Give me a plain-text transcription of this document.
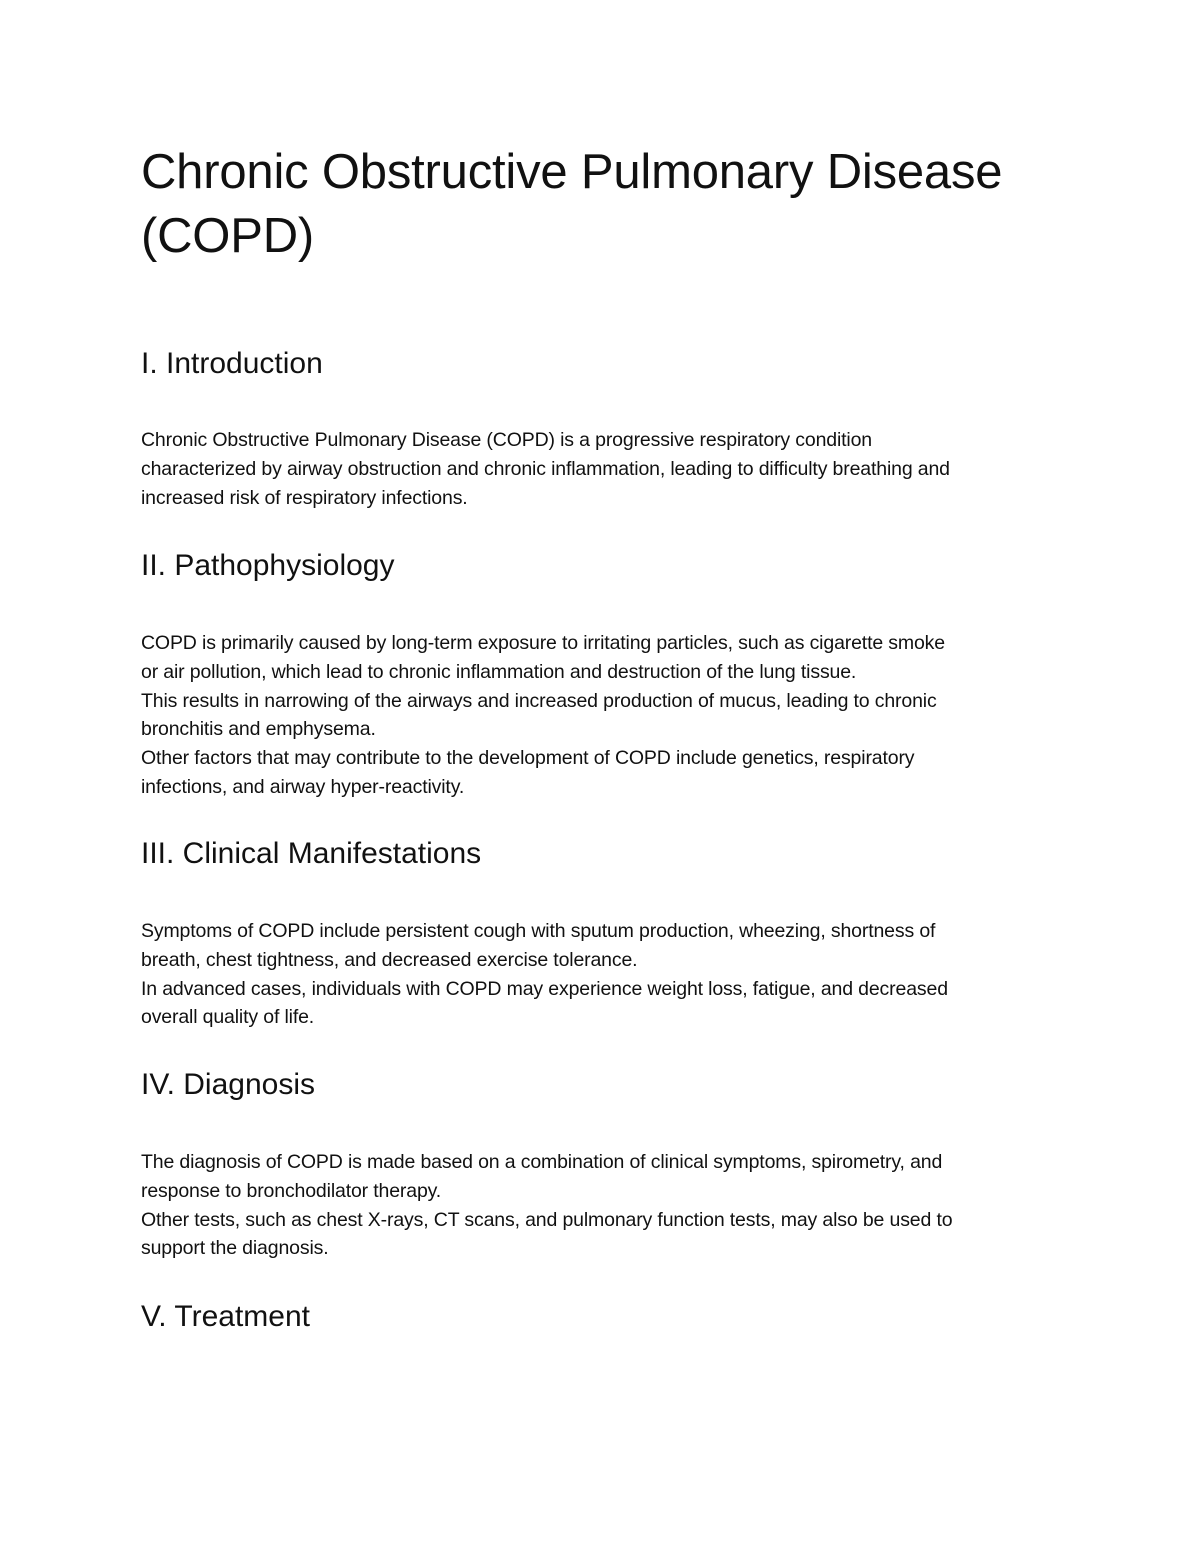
Chronic Obstructive Pulmonary Disease
(COPD)
I. Introduction
Chronic Obstructive Pulmonary Disease (COPD) is a progressive respiratory condition
characterized by airway obstruction and chronic inflammation, leading to difficulty breathing and
increased risk of respiratory infections.
II. Pathophysiology
COPD is primarily caused by long-term exposure to irritating particles, such as cigarette smoke
or air pollution, which lead to chronic inflammation and destruction of the lung tissue.
This results in narrowing of the airways and increased production of mucus, leading to chronic
bronchitis and emphysema.
Other factors that may contribute to the development of COPD include genetics, respiratory
infections, and airway hyper-reactivity.
III. Clinical Manifestations
Symptoms of COPD include persistent cough with sputum production, wheezing, shortness of
breath, chest tightness, and decreased exercise tolerance.
In advanced cases, individuals with COPD may experience weight loss, fatigue, and decreased
overall quality of life.
IV. Diagnosis
The diagnosis of COPD is made based on a combination of clinical symptoms, spirometry, and
response to bronchodilator therapy.
Other tests, such as chest X-rays, CT scans, and pulmonary function tests, may also be used to
support the diagnosis.
V. Treatment
